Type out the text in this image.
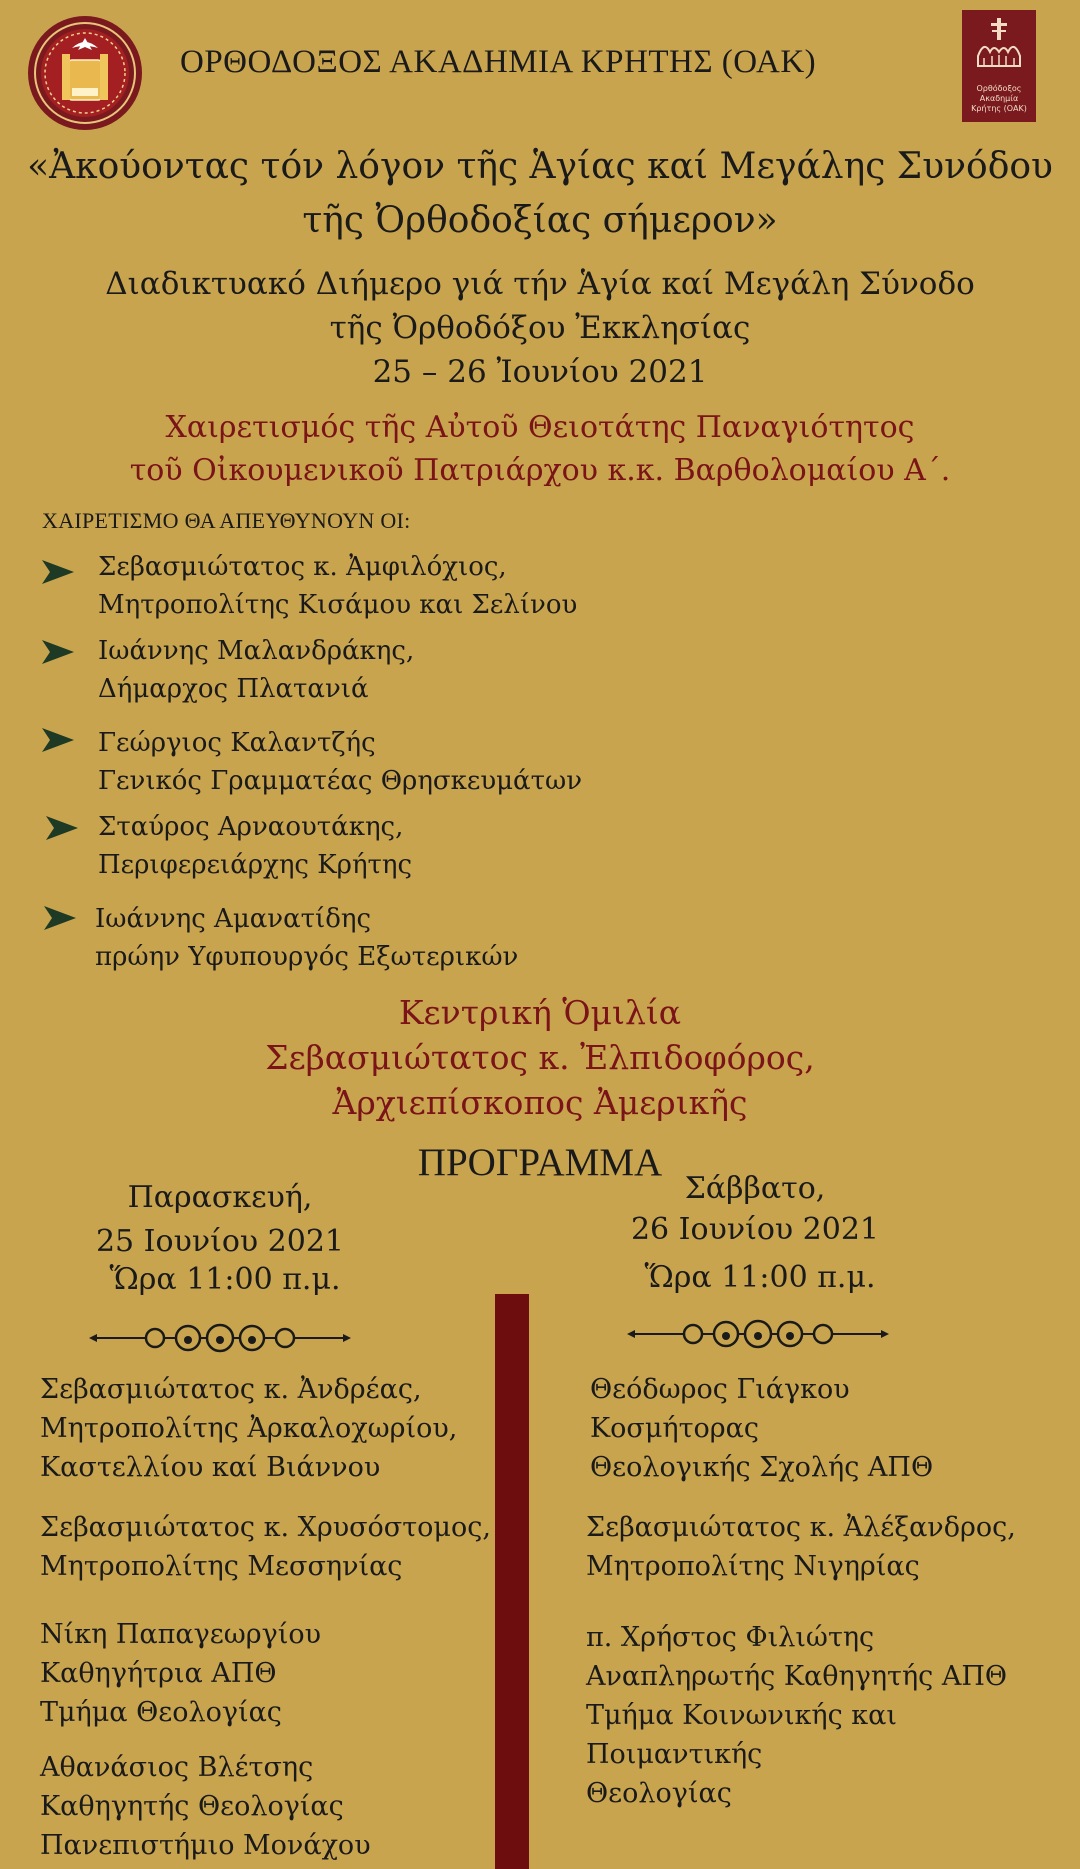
ΟΡΘΟΔΟΞΟΣ ΑΚΑΔΗΜΙΑ ΚΡΗΤΗΣ (ΟΑΚ)
Ορθόδοξος
Ακαδημία
Κρήτης (ΟΑΚ)
«Ἀκούοντας τόν λόγον τῆς Ἁγίας καί Μεγάλης Συνόδου
τῆς Ὀρθοδοξίας σήμερον»
Διαδικτυακό Διήμερο γιά τήν Ἁγία καί Μεγάλη Σύνοδο
τῆς Ὀρθοδόξου Ἐκκλησίας
25 – 26 Ἰουνίου 2021
Χαιρετισμός τῆς Αὐτοῦ Θειοτάτης Παναγιότητος
τοῦ Οἰκουμενικοῦ Πατριάρχου κ.κ. Βαρθολομαίου Α΄.
ΧΑΙΡΕΤΙΣΜΟ ΘΑ ΑΠΕΥΘΥΝΟΥΝ ΟΙ:
Σεβασμιώτατος κ. Ἀμφιλόχιος,
Μητροπολίτης Κισάμου και Σελίνου
Ιωάννης Μαλανδράκης,
Δήμαρχος Πλατανιά
Γεώργιος Καλαντζής
Γενικός Γραμματέας Θρησκευμάτων
Σταύρος Αρναουτάκης,
Περιφερειάρχης Κρήτης
Ιωάννης Αμανατίδης
πρώην Υφυπουργός Εξωτερικών
Κεντρική Ὁμιλία
Σεβασμιώτατος κ. Ἐλπιδοφόρος,
Ἀρχιεπίσκοπος Ἀμερικῆς
ΠΡΟΓΡΑΜΜΑ
Παρασκευή,
25 Ιουνίου 2021
Ὥρα 11:00 π.μ.
Σάββατο,
26 Ιουνίου 2021
Ὥρα 11:00 π.μ.
Σεβασμιώτατος κ. Ἀνδρέας,
Μητροπολίτης Ἀρκαλοχωρίου,
Καστελλίου καί Βιάννου
Σεβασμιώτατος κ. Χρυσόστομος,
Μητροπολίτης Μεσσηνίας
Νίκη Παπαγεωργίου
Καθηγήτρια ΑΠΘ
Τμήμα Θεολογίας
Αθανάσιος Βλέτσης
Καθηγητής Θεολογίας
Πανεπιστήμιο Μονάχου
Θεόδωρος Γιάγκου
Κοσμήτορας
Θεολογικής Σχολής ΑΠΘ
Σεβασμιώτατος κ. Ἀλέξανδρος,
Μητροπολίτης Νιγηρίας
π. Χρήστος Φιλιώτης
Αναπληρωτής Καθηγητής ΑΠΘ
Τμήμα Κοινωνικής και Ποιμαντικής
Θεολογίας
